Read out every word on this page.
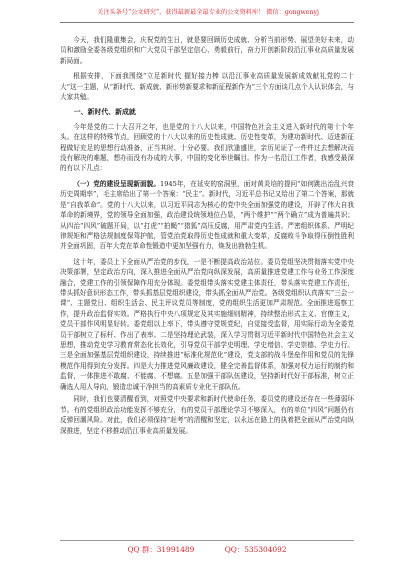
关注头条号“公文研究”，获得最新最全最专业的公文资料库！ 微信：gongwenyj

今天，我们隆重集会，庆祝党的生日，就是要回顾历史成就、分析当前形势、展望美好未来，动员和激励全委各级党组织和广大党员干部坚定信心、勇毅前行，奋力开创新阶段沿江事业高质量发展新局面。

根据安排，下面我围绕“立足新时代 握好接力棒 以沿江事业高质量发展新成效献礼党的二十大”这一主题，从“新时代、新成就、新形势新要求和新征程新作为”三个方面谈几点个人认识体会，与大家共勉。

一、新时代、新成就

今年是党的二十大召开之年，也是党的十八大以来，中国特色社会主义进入新时代的第十个年头。在这样的特殊节点，回顾党的十八大以来的历史性成就、历史性变革，为建功新时代、迈进新征程做好充足的思想行动准备，正当其时、十分必要。我们欣逢盛世，亲历见证了一件件过去想解决而没有解决的难题，想办而没有办成的大事，中国的变化举世瞩目。作为一名沿江工作者，我感受最深的有以下几点：

（一）党的建设呈现新面貌。1945年，在延安的窑洞里，面对黄炎培的提问“如何跳出治乱兴衰历史周期率”，毛主席给出了第一个答案：“民主”。新时代，习近平总书记又给出了第二个答案，那就是“自我革命”。党的十八大以来，以习近平同志为核心的党中央全面加强党的建设，开辟了伟大自我革命的新境界，党的领导全面加强，政治建设统领地位凸显，“两个维护”“两个确立”成为普遍共识；从四治“四风”破题开局，以“打虎”“拍蝇”“猎狐”高压反腐，用严肃党内生活、严密组织体系、严明纪律规矩和严格法规制度保驾护航，管党治党取得历史性成就和重大变革，反腐败斗争取得压倒性胜利并全面巩固，百年大党在革命性锻造中更加坚强有力，焕发出勃勃生机。

这十年，委员上下全面从严治党的步伐，一是不断提高政治站位。委员党组坚决贯彻落实党中央决策部署，坚定政治方向，深入推进全面从严治党向纵深发展，高质量推进党建工作与业务工作深度融合，党建工作的引领保障作用充分体现。委党组带头落实党建主体责任，带头落实党建工作责任，带头抓好意识形态工作，带头抓基层党组织建设，带头抓全面从严治党。各级党组织认真落实“三会一课”、主题党日、组织生活会、民主评议党员等制度，党的组织生活更加严肃规范。全面推进巡察工作，提升政治监督实效。严格执行中央八项规定及其实施细则精神，持续整治形式主义、官僚主义，党员干部作风明显好转。委党组以上率下，带头遵守党规党纪，自觉接受监督，用实际行动为全委党员干部树立了标杆、作出了表率。二是坚持理论武装，深入学习贯彻习近平新时代中国特色社会主义思想，推动党史学习教育常态化长效化，引导党员干部学史明理、学史增信、学史崇德、学史力行。三是全面加强基层党组织建设，持续推进“标准化规范化”建设，党支部的战斗堡垒作用和党员的先锋模范作用得到充分发挥。四是大力推进党风廉政建设，健全完善监督体系，加强对权力运行的制约和监督，一体推进不敢腐、不能腐、不想腐。五是加强干部队伍建设，坚持新时代好干部标准，树立正确选人用人导向，锻造忠诚干净担当的高素质专业化干部队伍。

同时，我们也要清醒看到，对照党中央要求和新时代使命任务，委员党的建设还存在一些薄弱环节。有的党组织政治功能发挥不够充分，有的党员干部理论学习不够深入，有的单位“四风”问题仍有反弹回潮风险。对此，我们必须保持“赶考”的清醒和坚定，以永远在路上的执着把全面从严治党向纵深推进，坚定不移推动沿江事业高质量发展。

QQ 群：31991489	QQ：535304092
